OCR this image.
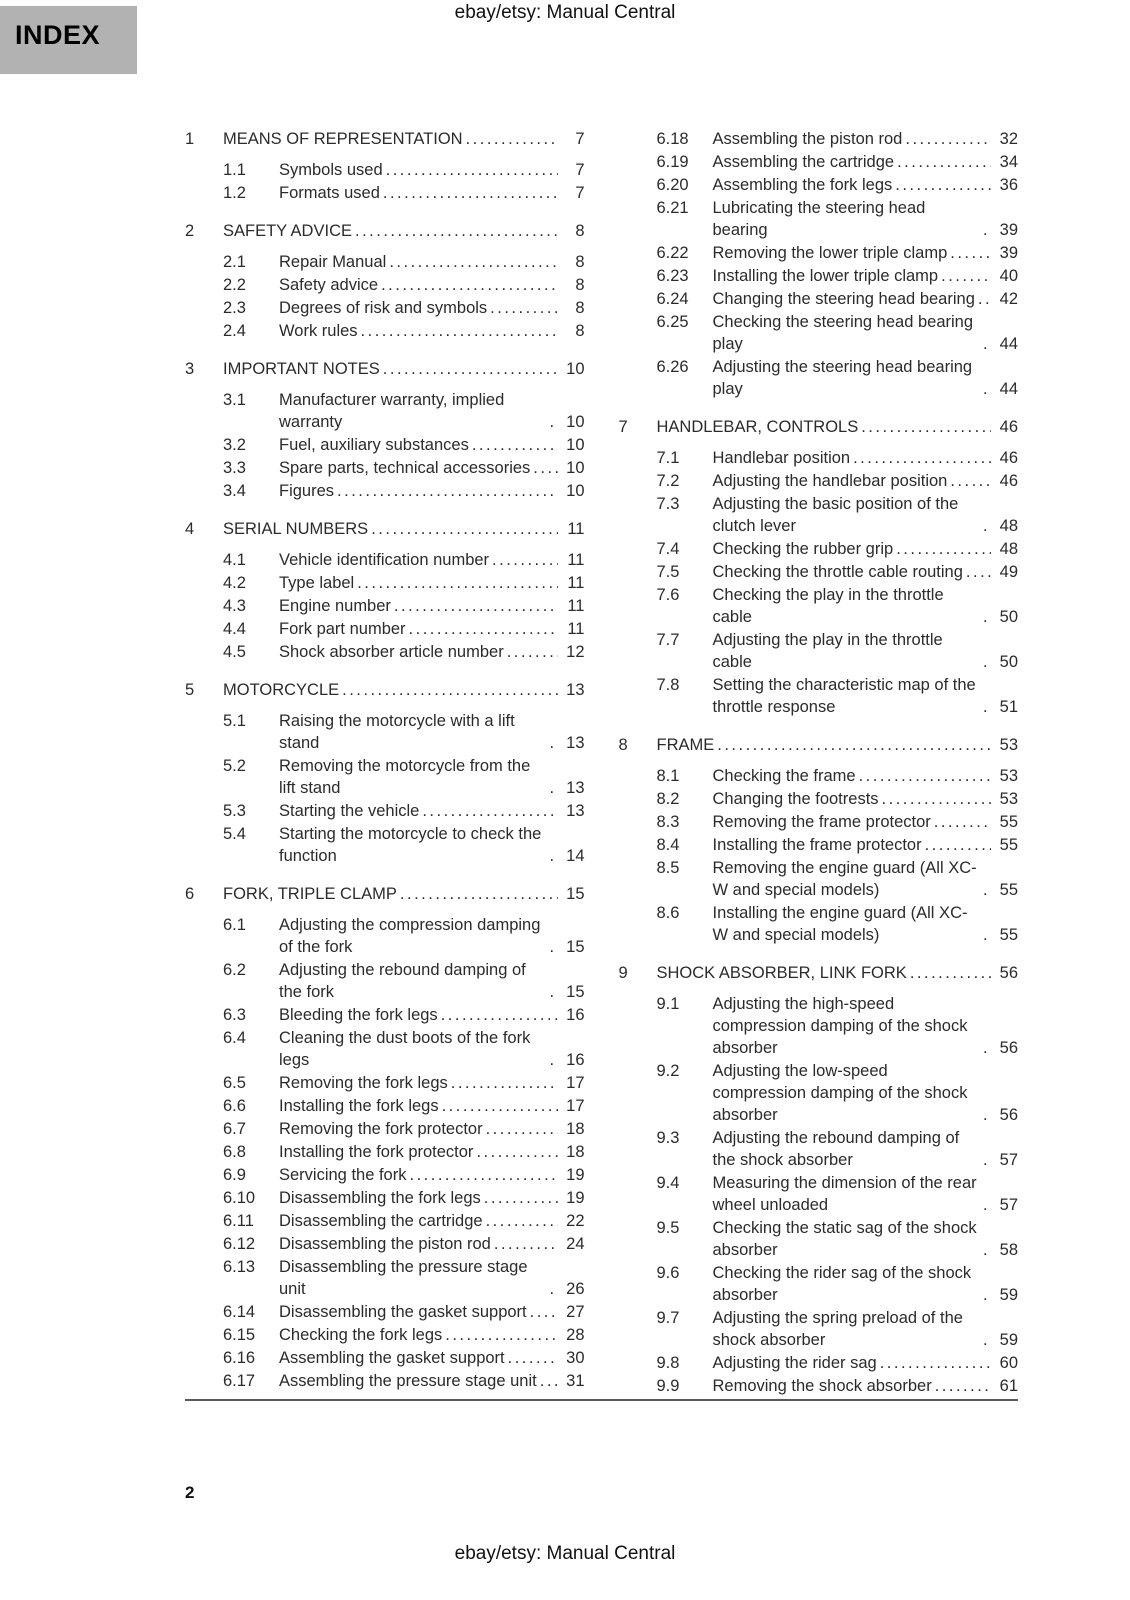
ebay/etsy: Manual Central
INDEX
1	MEANS OF REPRESENTATION .....	7
1.1	Symbols used .....	7
1.2	Formats used .....	7
2	SAFETY ADVICE .....	8
2.1	Repair Manual .....	8
2.2	Safety advice .....	8
2.3	Degrees of risk and symbols .....	8
2.4	Work rules .....	8
3	IMPORTANT NOTES .....	10
3.1	Manufacturer warranty, implied warranty .....	10
3.2	Fuel, auxiliary substances .....	10
3.3	Spare parts, technical accessories .....	10
3.4	Figures .....	10
4	SERIAL NUMBERS .....	11
4.1	Vehicle identification number .....	11
4.2	Type label .....	11
4.3	Engine number .....	11
4.4	Fork part number .....	11
4.5	Shock absorber article number .....	12
5	MOTORCYCLE .....	13
5.1	Raising the motorcycle with a lift stand .....	13
5.2	Removing the motorcycle from the lift stand .....	13
5.3	Starting the vehicle .....	13
5.4	Starting the motorcycle to check the function .....	14
6	FORK, TRIPLE CLAMP .....	15
6.1	Adjusting the compression damping of the fork .....	15
6.2	Adjusting the rebound damping of the fork .....	15
6.3	Bleeding the fork legs .....	16
6.4	Cleaning the dust boots of the fork legs .....	16
6.5	Removing the fork legs .....	17
6.6	Installing the fork legs .....	17
6.7	Removing the fork protector .....	18
6.8	Installing the fork protector .....	18
6.9	Servicing the fork .....	19
6.10	Disassembling the fork legs .....	19
6.11	Disassembling the cartridge .....	22
6.12	Disassembling the piston rod .....	24
6.13	Disassembling the pressure stage unit .....	26
6.14	Disassembling the gasket support .....	27
6.15	Checking the fork legs .....	28
6.16	Assembling the gasket support .....	30
6.17	Assembling the pressure stage unit .....	31
6.18	Assembling the piston rod .....	32
6.19	Assembling the cartridge .....	34
6.20	Assembling the fork legs .....	36
6.21	Lubricating the steering head bearing .....	39
6.22	Removing the lower triple clamp .....	39
6.23	Installing the lower triple clamp .....	40
6.24	Changing the steering head bearing .....	42
6.25	Checking the steering head bearing play .....	44
6.26	Adjusting the steering head bearing play .....	44
7	HANDLEBAR, CONTROLS .....	46
7.1	Handlebar position .....	46
7.2	Adjusting the handlebar position .....	46
7.3	Adjusting the basic position of the clutch lever .....	48
7.4	Checking the rubber grip .....	48
7.5	Checking the throttle cable routing .....	49
7.6	Checking the play in the throttle cable .....	50
7.7	Adjusting the play in the throttle cable .....	50
7.8	Setting the characteristic map of the throttle response .....	51
8	FRAME .....	53
8.1	Checking the frame .....	53
8.2	Changing the footrests .....	53
8.3	Removing the frame protector .....	55
8.4	Installing the frame protector .....	55
8.5	Removing the engine guard (All XC-W and special models) .....	55
8.6	Installing the engine guard (All XC-W and special models) .....	55
9	SHOCK ABSORBER, LINK FORK .....	56
9.1	Adjusting the high-speed compression damping of the shock absorber .....	56
9.2	Adjusting the low-speed compression damping of the shock absorber .....	56
9.3	Adjusting the rebound damping of the shock absorber .....	57
9.4	Measuring the dimension of the rear wheel unloaded .....	57
9.5	Checking the static sag of the shock absorber .....	58
9.6	Checking the rider sag of the shock absorber .....	59
9.7	Adjusting the spring preload of the shock absorber .....	59
9.8	Adjusting the rider sag .....	60
9.9	Removing the shock absorber .....	61
2
ebay/etsy: Manual Central
